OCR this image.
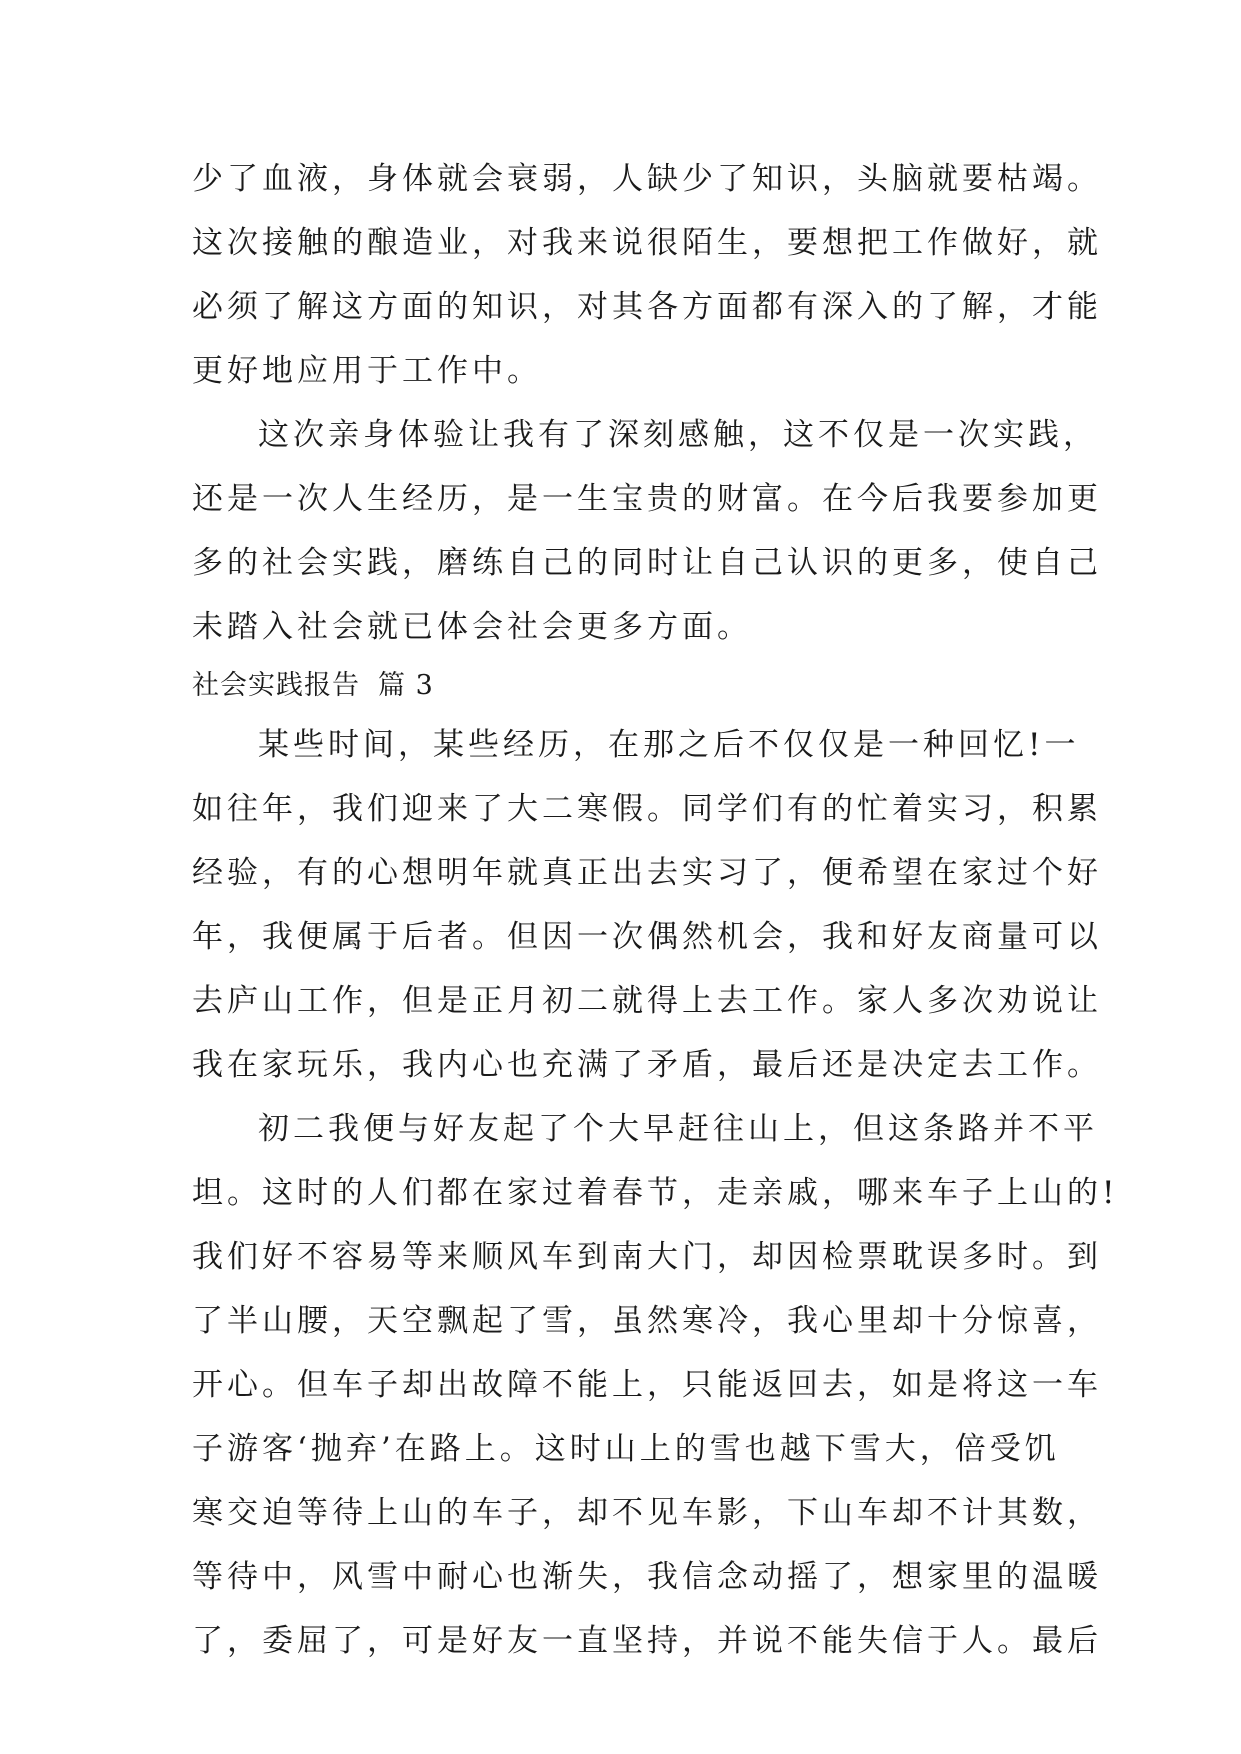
少了血液，身体就会衰弱，人缺少了知识，头脑就要枯竭。
这次接触的酿造业，对我来说很陌生，要想把工作做好，就
必须了解这方面的知识，对其各方面都有深入的了解，才能
更好地应用于工作中。
这次亲身体验让我有了深刻感触，这不仅是一次实践，
还是一次人生经历，是一生宝贵的财富。在今后我要参加更
多的社会实践，磨练自己的同时让自己认识的更多，使自己
未踏入社会就已体会社会更多方面。
社会实践报告 篇 3
某些时间，某些经历，在那之后不仅仅是一种回忆!一
如往年，我们迎来了大二寒假。同学们有的忙着实习，积累
经验，有的心想明年就真正出去实习了，便希望在家过个好
年，我便属于后者。但因一次偶然机会，我和好友商量可以
去庐山工作，但是正月初二就得上去工作。家人多次劝说让
我在家玩乐，我内心也充满了矛盾，最后还是决定去工作。
初二我便与好友起了个大早赶往山上，但这条路并不平
坦。这时的人们都在家过着春节，走亲戚，哪来车子上山的!
我们好不容易等来顺风车到南大门，却因检票耽误多时。到
了半山腰，天空飘起了雪，虽然寒冷，我心里却十分惊喜，
开心。但车子却出故障不能上，只能返回去，如是将这一车
子游客‘抛弃’在路上。这时山上的雪也越下雪大，倍受饥
寒交迫等待上山的车子，却不见车影，下山车却不计其数，
等待中，风雪中耐心也渐失，我信念动摇了，想家里的温暖
了，委屈了，可是好友一直坚持，并说不能失信于人。最后
